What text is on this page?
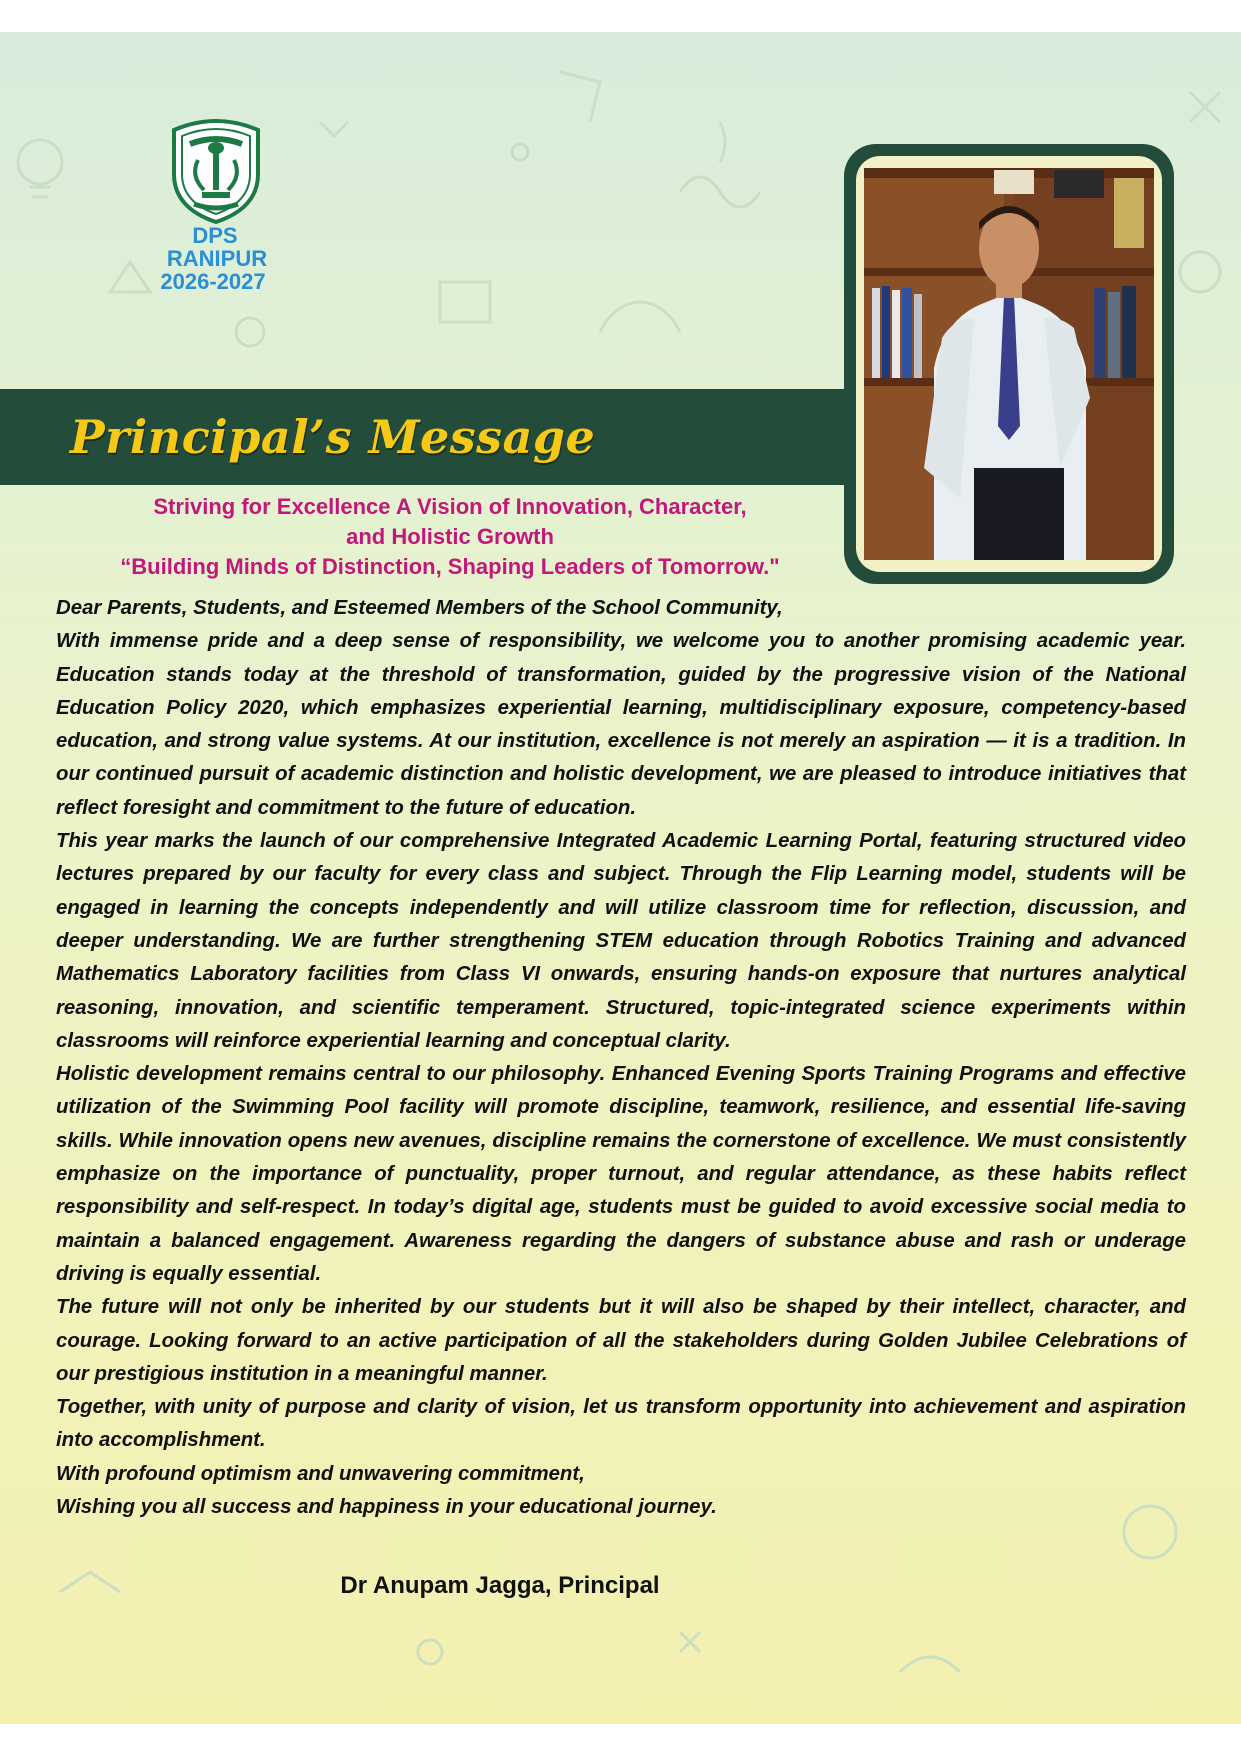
DPS
RANIPUR
2026-2027
Principal’s Message
Striving for Excellence A Vision of Innovation, Character,
and Holistic Growth
“Building Minds of Distinction, Shaping Leaders of Tomorrow."

Dear Parents, Students, and Esteemed Members of the School Community,

With immense pride and a deep sense of responsibility, we welcome you to another promising academic year. Education stands today at the threshold of transformation, guided by the progressive vision of the National Education Policy 2020, which emphasizes experiential learning, multidisciplinary exposure, competency-based education, and strong value systems. At our institution, excellence is not merely an aspiration — it is a tradition. In our continued pursuit of academic distinction and holistic development, we are pleased to introduce initiatives that reflect foresight and commitment to the future of education.

This year marks the launch of our comprehensive Integrated Academic Learning Portal, featuring structured video lectures prepared by our faculty for every class and subject. Through the Flip Learning model, students will be engaged in learning the concepts independently and will utilize classroom time for reflection, discussion, and deeper understanding. We are further strengthening STEM education through Robotics Training and advanced Mathematics Laboratory facilities from Class VI onwards, ensuring hands-on exposure that nurtures analytical reasoning, innovation, and scientific temperament. Structured, topic-integrated science experiments within classrooms will reinforce experiential learning and conceptual clarity.

Holistic development remains central to our philosophy. Enhanced Evening Sports Training Programs and effective utilization of the Swimming Pool facility will promote discipline, teamwork, resilience, and essential life-saving skills. While innovation opens new avenues, discipline remains the cornerstone of excellence. We must consistently emphasize on the importance of punctuality, proper turnout, and regular attendance, as these habits reflect responsibility and self-respect. In today’s digital age, students must be guided to avoid excessive social media to maintain a balanced engagement. Awareness regarding the dangers of substance abuse and rash or underage driving is equally essential.

The future will not only be inherited by our students but it will also be shaped by their intellect, character, and courage. Looking forward to an active participation of all the stakeholders during Golden Jubilee Celebrations of our prestigious institution in a meaningful manner.

Together, with unity of purpose and clarity of vision, let us transform opportunity into achievement and aspiration into accomplishment.

With profound optimism and unwavering commitment,

Wishing you all success and happiness in your educational journey.

Dr Anupam Jagga, Principal
